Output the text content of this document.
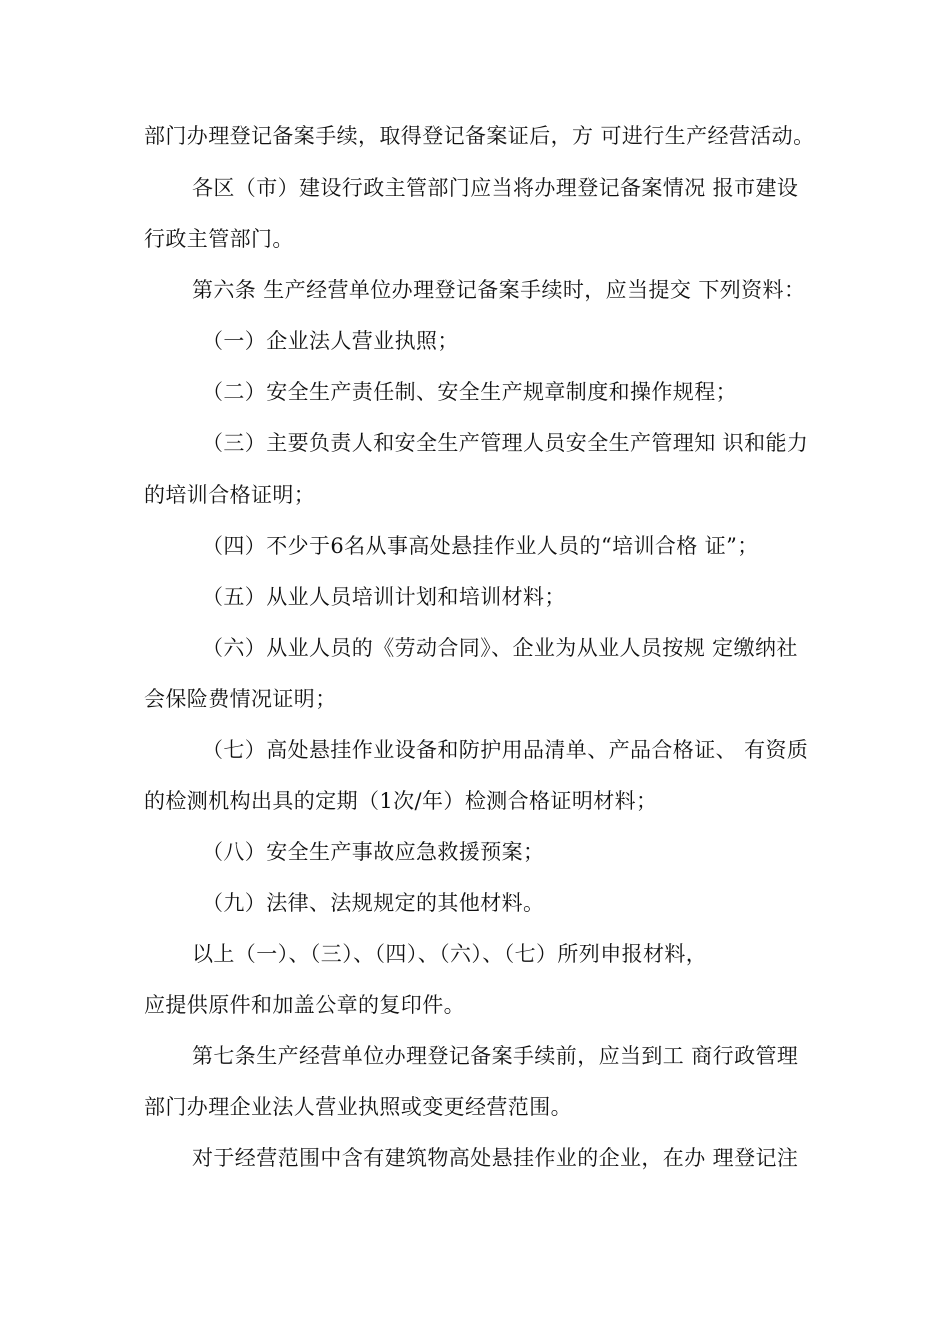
部门办理登记备案手续，取得登记备案证后，方 可进行生产经营活动。
各区（市）建设行政主管部门应当将办理登记备案情况 报市建设
行政主管部门。
第六条 生产经营单位办理登记备案手续时，应当提交 下列资料：
（一）企业法人营业执照；
（二）安全生产责任制、安全生产规章制度和操作规程；
（三）主要负责人和安全生产管理人员安全生产管理知 识和能力
的培训合格证明；
（四）不少于6名从事高处悬挂作业人员的“培训合格 证”；
（五）从业人员培训计划和培训材料；
（六）从业人员的《劳动合同》、企业为从业人员按规 定缴纳社
会保险费情况证明；
（七）高处悬挂作业设备和防护用品清单、产品合格证、 有资质
的检测机构出具的定期（1次/年）检测合格证明材料；
（八）安全生产事故应急救援预案；
（九）法律、法规规定的其他材料。
以上（一）、（三）、（四）、（六）、（七）所列申报材料，
应提供原件和加盖公章的复印件。
第七条生产经营单位办理登记备案手续前，应当到工 商行政管理
部门办理企业法人营业执照或变更经营范围。
对于经营范围中含有建筑物高处悬挂作业的企业，在办 理登记注
